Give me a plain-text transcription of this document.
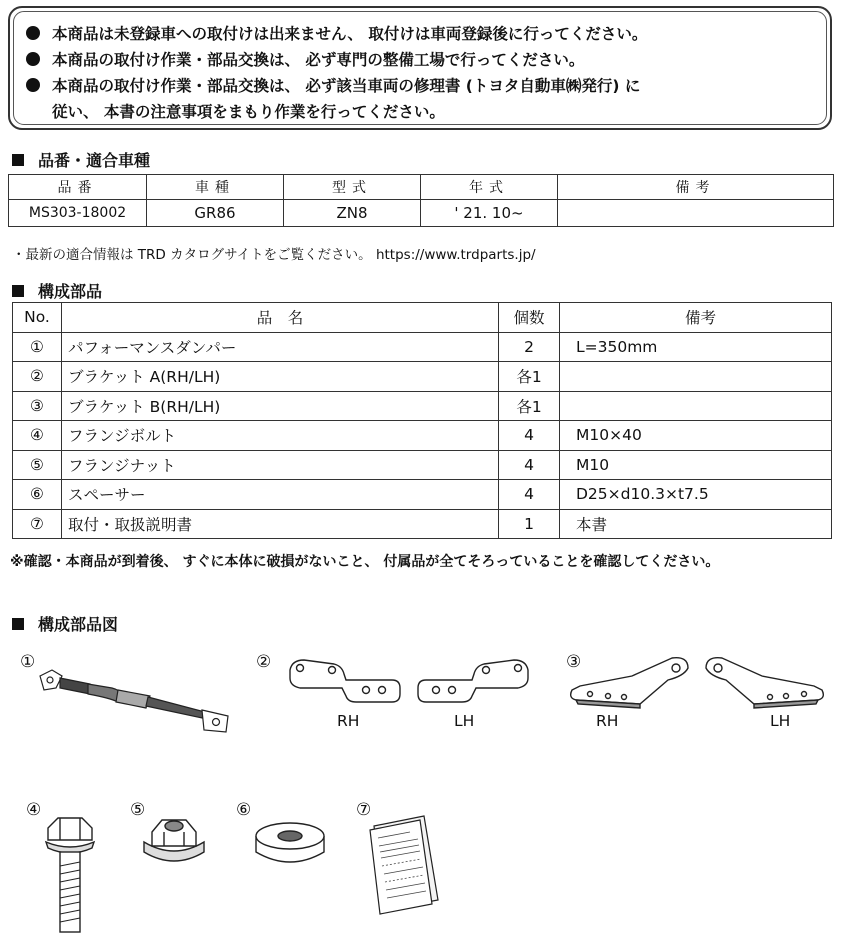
本商品は未登録車への取付けは出来ません、 取付けは車両登録後に行ってください。
本商品の取付け作業・部品交換は、 必ず専門の整備工場で行ってください。
本商品の取付け作業・部品交換は、 必ず該当車両の修理書 (トヨタ自動車㈱発行) に
従い、 本書の注意事項をまもり作業を行ってください。
品番・適合車種
品番	車種	型式	年式	備考
MS303-18002	GR86	ZN8	' 21. 10~	
・最新の適合情報は TRD カタログサイトをご覧ください。 https://www.trdparts.jp/
構成部品
No.	品　名	個数	備考
①	パフォーマンスダンパー	2	L=350mm
②	ブラケット A(RH/LH)	各1	
③	ブラケット B(RH/LH)	各1	
④	フランジボルト	4	M10×40
⑤	フランジナット	4	M10
⑥	スペーサー	4	D25×d10.3×t7.5
⑦	取付・取扱説明書	1	本書
※確認・本商品が到着後、 すぐに本体に破損がないこと、 付属品が全てそろっていることを確認してください。
構成部品図
①	②	③
④	⑤	⑥	⑦
RH	LH	RH	LH
